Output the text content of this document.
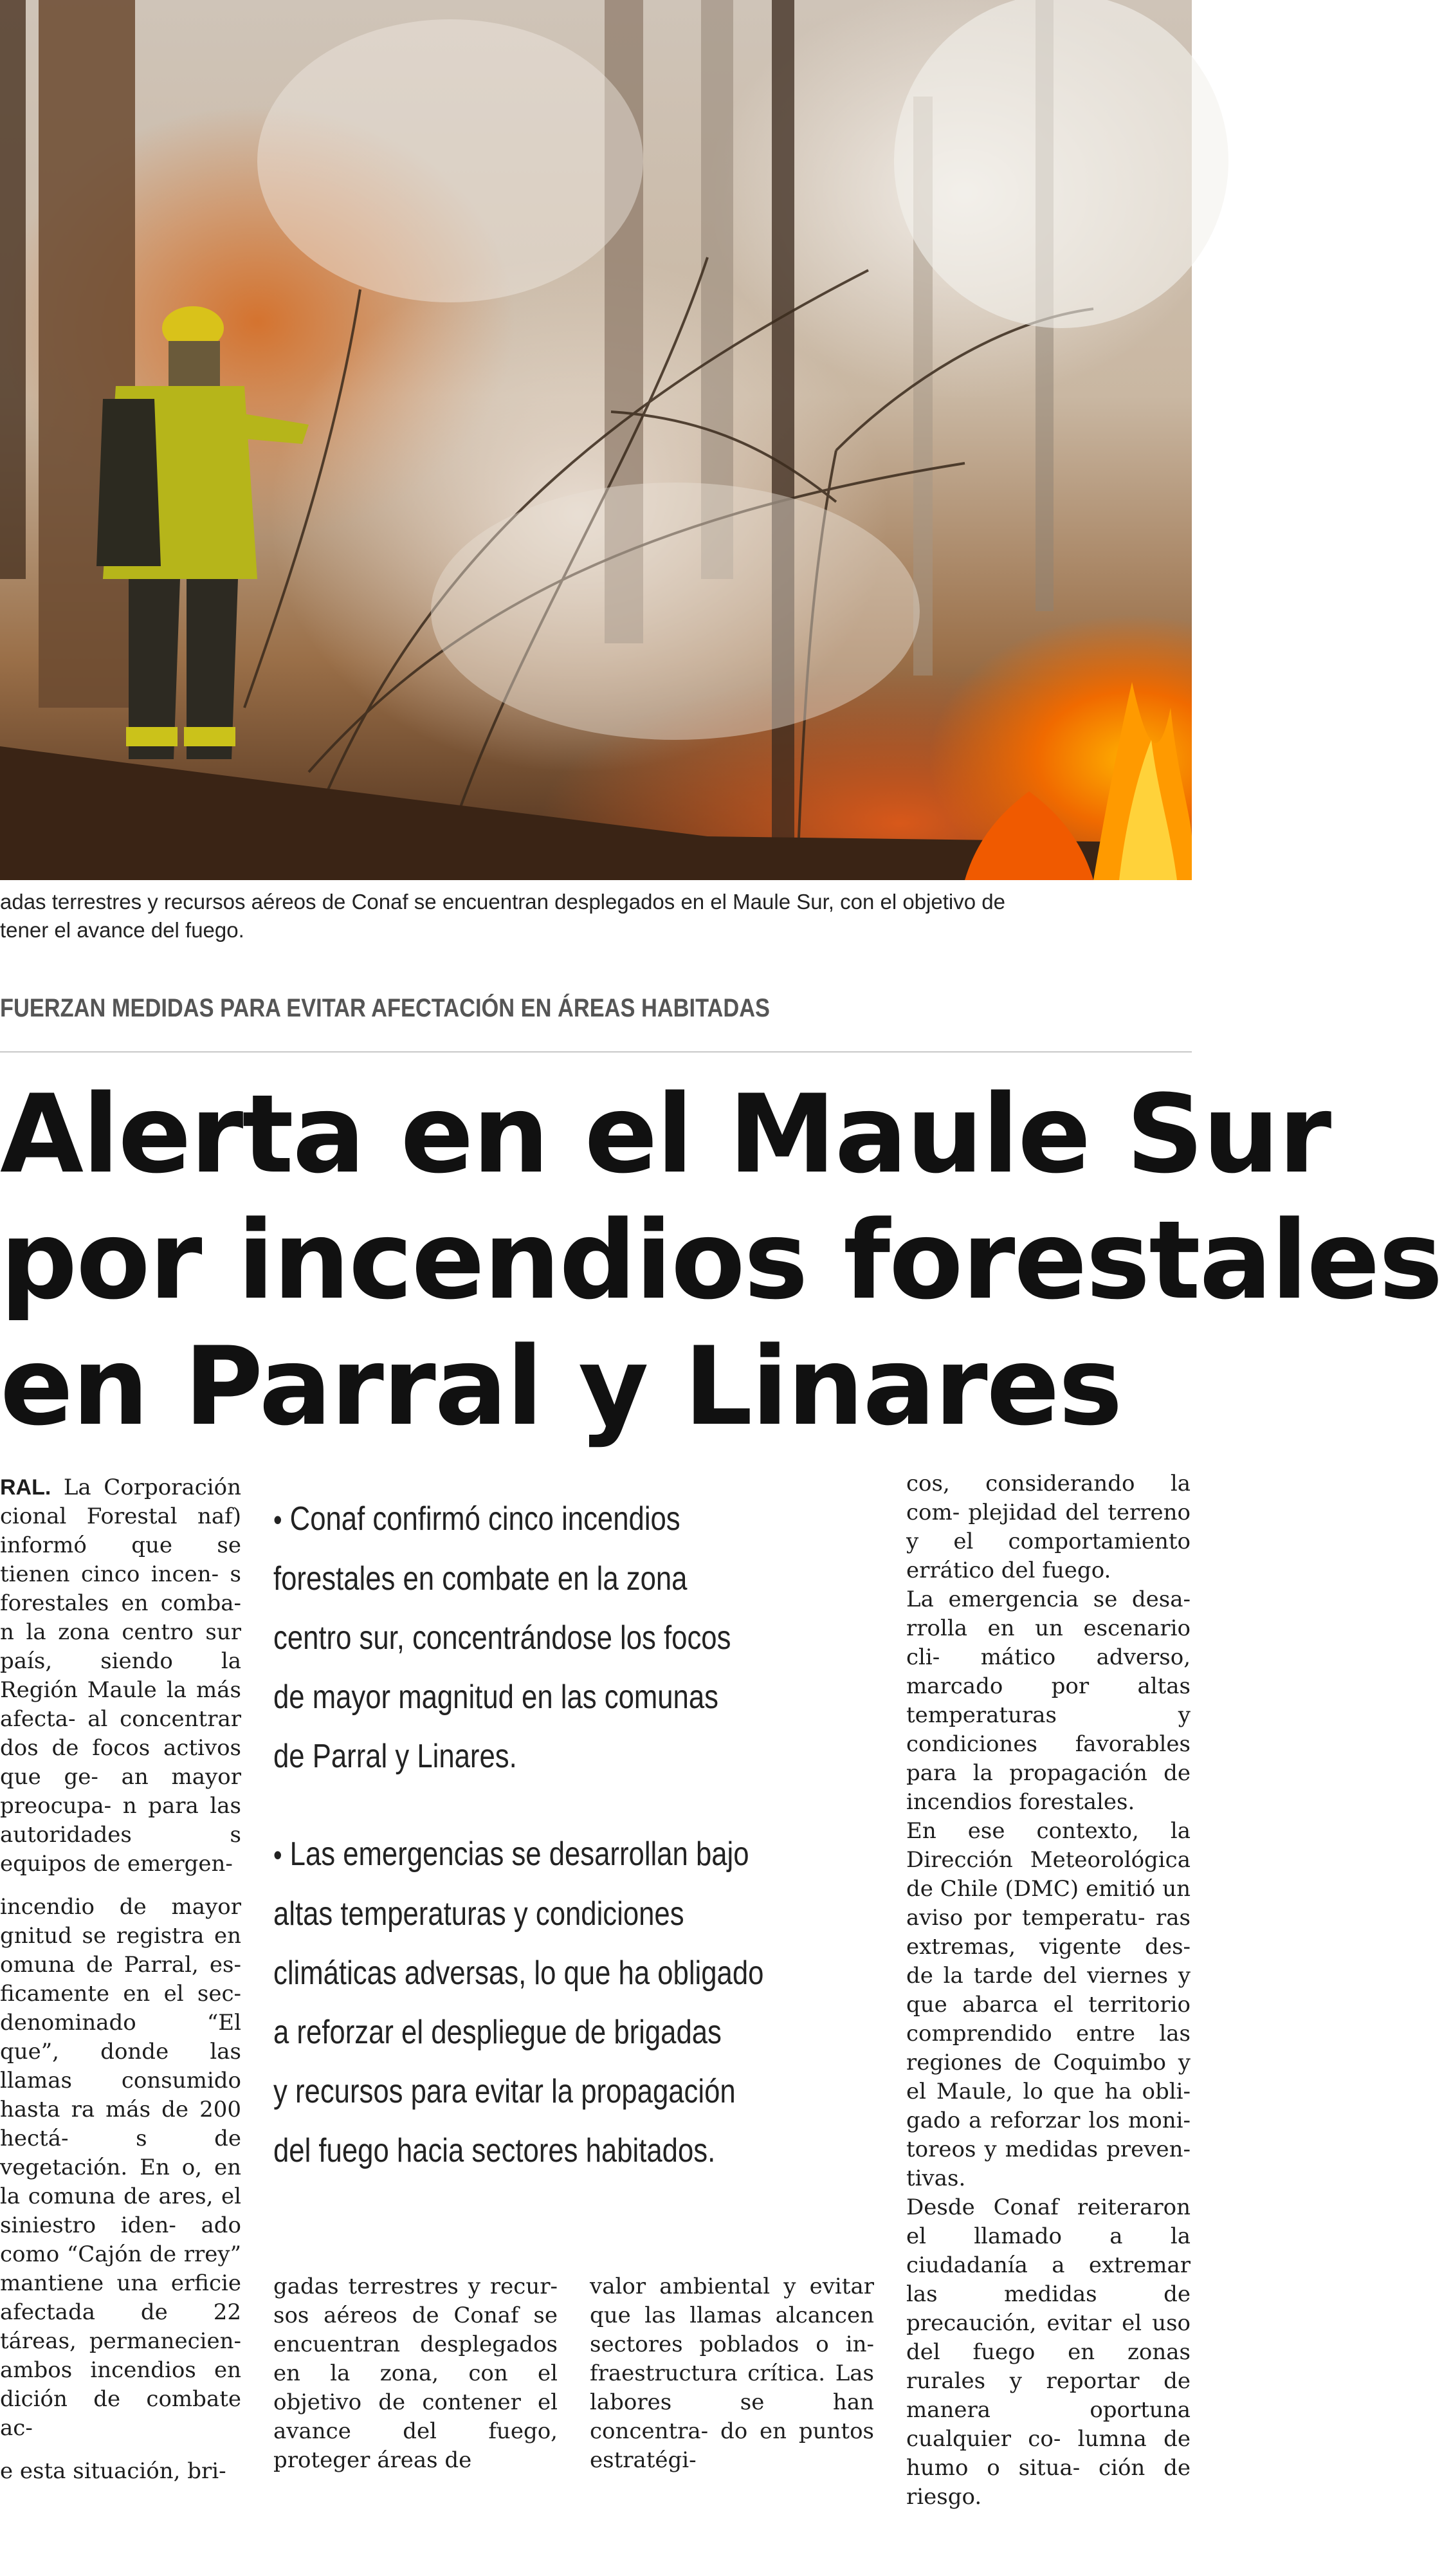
adas terrestres y recursos aéreos de Conaf se encuentran desplegados en el Maule Sur, con el objetivo de
tener el avance del fuego.
FUERZAN MEDIDAS PARA EVITAR AFECTACIÓN EN ÁREAS HABITADAS
Alerta en el Maule Sur
por incendios forestales
en Parral y Linares

RAL. La Corporación cional Forestal naf) informó que se tienen cinco incen- s forestales en comba- n la zona centro sur país, siendo la Región Maule la más afecta- al concentrar dos de focos activos que ge- an mayor preocupa- n para las autoridades s equipos de emergen-

incendio de mayor gnitud se registra en omuna de Parral, es- ficamente en el sec- denominado “El que”, donde las llamas consumido hasta ra más de 200 hectá- s de vegetación. En o, en la comuna de ares, el siniestro iden- ado como “Cajón de rrey” mantiene una erficie afectada de 22 táreas, permanecien- ambos incendios en dición de combate ac-

e esta situación, bri-

• Conaf confirmó cinco incendios
forestales en combate en la zona
centro sur, concentrándose los focos
de mayor magnitud en las comunas
de Parral y Linares.
• Las emergencias se desarrollan bajo
altas temperaturas y condiciones
climáticas adversas, lo que ha obligado
a reforzar el despliegue de brigadas
y recursos para evitar la propagación
del fuego hacia sectores habitados.

gadas terrestres y recur- sos aéreos de Conaf se encuentran desplegados en la zona, con el objetivo de contener el avance del fuego, proteger áreas de

valor ambiental y evitar que las llamas alcancen sectores poblados o in- fraestructura crítica. Las labores se han concentra- do en puntos estratégi-

cos, considerando la com- plejidad del terreno y el comportamiento errático del fuego.

La emergencia se desa- rrolla en un escenario cli- mático adverso, marcado por altas temperaturas y condiciones favorables para la propagación de incendios forestales.

En ese contexto, la Dirección Meteorológica de Chile (DMC) emitió un aviso por temperatu- ras extremas, vigente des- de la tarde del viernes y que abarca el territorio comprendido entre las regiones de Coquimbo y el Maule, lo que ha obli- gado a reforzar los moni- toreos y medidas preven- tivas.

Desde Conaf reiteraron el llamado a la ciudadanía a extremar las medidas de precaución, evitar el uso del fuego en zonas rurales y reportar de manera oportuna cualquier co- lumna de humo o situa- ción de riesgo.
